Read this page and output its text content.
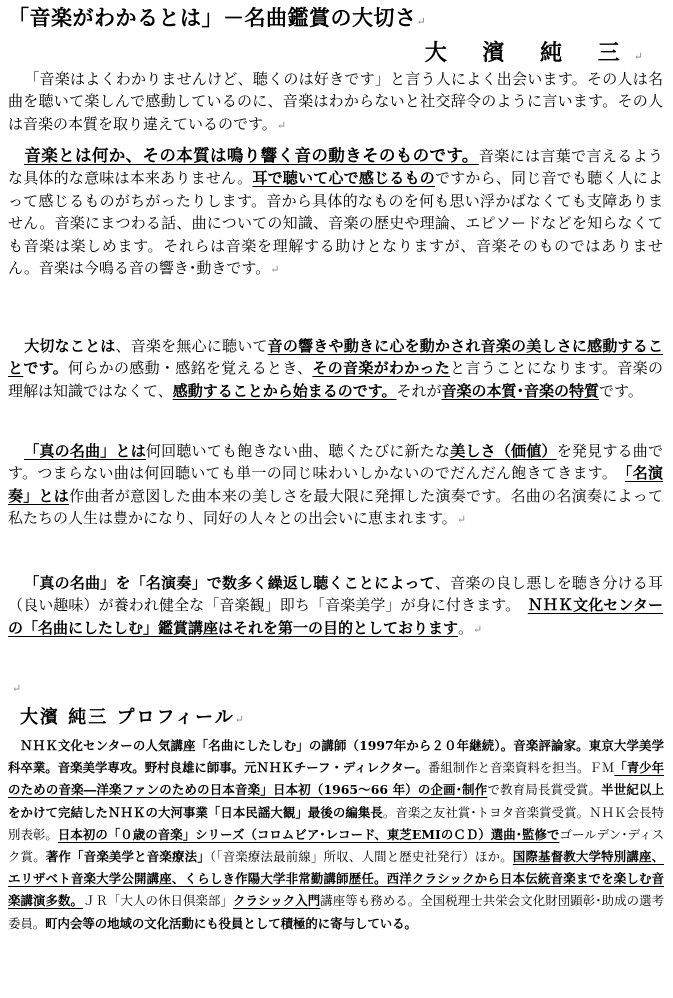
「音楽がわかるとは」－名曲鑑賞の大切さ↵
大 濱 純 三↵

「音楽はよくわかりませんけど、聴くのは好きです」と言う人によく出会います。その人は名曲を聴いて楽しんで感動しているのに、音楽はわからないと社交辞令のように言います。その人は音楽の本質を取り違えているのです。↵

音楽とは何か、その本質は鳴り響く音の動きそのものです。音楽には言葉で言えるような具体的な意味は本来ありません。耳で聴いて心で感じるものですから、同じ音でも聴く人によって感じるものがちがったりします。音から具体的なものを何も思い浮かばなくても支障ありません。音楽にまつわる話、曲についての知識、音楽の歴史や理論、エピソードなどを知らなくても音楽は楽しめます。それらは音楽を理解する助けとなりますが、音楽そのものではありません。音楽は今鳴る音の響き･動きです。↵

大切なことは、音楽を無心に聴いて音の響きや動きに心を動かされ音楽の美しさに感動することです。何らかの感動・感銘を覚えるとき、その音楽がわかったと言うことになります。音楽の理解は知識ではなくて、感動することから始まるのです。それが音楽の本質･音楽の特質です。

「真の名曲」とは何回聴いても飽きない曲、聴くたびに新たな美しさ（価値）を発見する曲です。つまらない曲は何回聴いても単一の同じ味わいしかないのでだんだん飽きてきます。　「名演奏」とは作曲者が意図した曲本来の美しさを最大限に発揮した演奏です。名曲の名演奏によって私たちの人生は豊かになり、同好の人々との出会いに恵まれます。↵

「真の名曲」を「名演奏」で数多く繰返し聴くことによって、音楽の良し悪しを聴き分ける耳（良い趣味）が養われ健全な「音楽観」即ち「音楽美学」が身に付きます。　ＮＨＫ文化センターの「名曲にしたしむ」鑑賞講座はそれを第一の目的としております。↵

↵
大濱 純三 プロフィール↵

ＮＨＫ文化センターの人気講座「名曲にしたしむ」の講師（1997年から２０年継続）。音楽評論家。東京大学美学科卒業。音楽美学専攻。野村良雄に師事。元ＮＨＫチーフ・ディレクター。番組制作と音楽資料を担当。ＦＭ「青少年のための音楽―洋楽ファンのための日本音楽」日本初（1965～66 年）の企画･制作で教育局長賞受賞。半世紀以上をかけて完結したＮＨＫの大河事業「日本民謡大観」最後の編集長。音楽之友社賞･トヨタ音楽賞受賞。ＮＨＫ会長特別表彰。日本初の「０歳の音楽」シリーズ（コロムビア･レコード、東芝EMIのＣＤ）選曲･監修でゴールデン･ディスク賞。著作「音楽美学と音楽療法」（「音楽療法最前線」所収、人間と歴史社発行）ほか。国際基督教大学特別講座、エリザベト音楽大学公開講座、くらしき作陽大学非常勤講師歴任。西洋クラシックから日本伝統音楽までを楽しむ音楽講演多数。ＪＲ「大人の休日倶楽部」クラシック入門講座等も務める。全国税理士共栄会文化財団顕彰･助成の選考委員。町内会等の地域の文化活動にも役員として積極的に寄与している。
